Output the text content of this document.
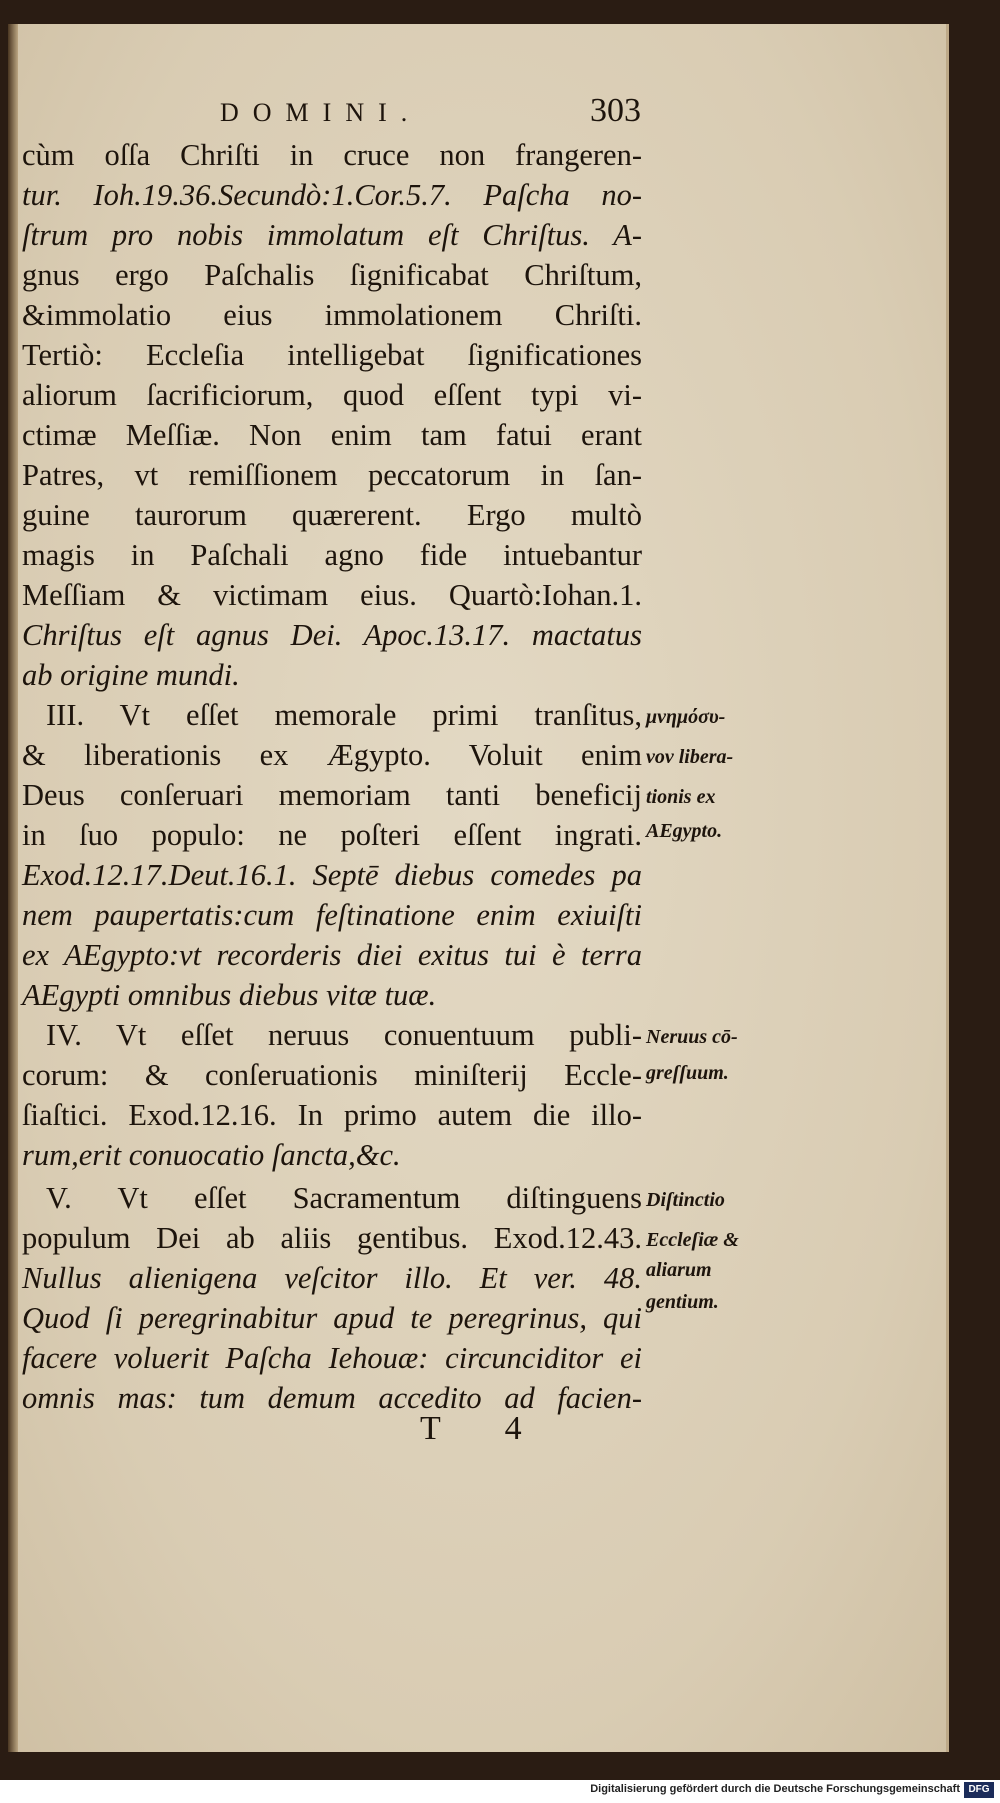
DOMINI.	303
cùm oſſa Chriſti in cruce non frangeren-
tur. Ioh.19.36.Secundò:1.Cor.5.7. Paſcha no-
ſtrum pro nobis immolatum eſt Chriſtus. A-
gnus ergo Paſchalis ſignificabat Chriſtum,
&immolatio eius immolationem Chriſti.
Tertiò: Eccleſia intelligebat ſignificationes
aliorum ſacrificiorum, quod eſſent typi vi-
ctimæ Meſſiæ. Non enim tam fatui erant
Patres, vt remiſſionem peccatorum in ſan-
guine taurorum quærerent. Ergo multò
magis in Paſchali agno fide intuebantur
Meſſiam & victimam eius. Quartò:Iohan.1.
Chriſtus eſt agnus Dei. Apoc.13.17. mactatus
ab origine mundi.
III. Vt eſſet memorale primi tranſitus,
& liberationis ex Ægypto. Voluit enim
Deus conſeruari memoriam tanti beneficij
in ſuo populo: ne poſteri eſſent ingrati.
Exod.12.17.Deut.16.1. Septē diebus comedes pa
nem paupertatis:cum feſtinatione enim exiuiſti
ex AEgypto:vt recorderis diei exitus tui è terra
AEgypti omnibus diebus vitæ tuæ.
IV. Vt eſſet neruus conuentuum publi-
corum: & conſeruationis miniſterij Eccle-
ſiaſtici. Exod.12.16. In primo autem die illo-
rum,erit conuocatio ſancta,&c.
V. Vt eſſet Sacramentum diſtinguens
populum Dei ab aliis gentibus. Exod.12.43.
Nullus alienigena veſcitor illo. Et ver. 48.
Quod ſi peregrinabitur apud te peregrinus, qui
facere voluerit Paſcha Iehouæ: circunciditor ei
omnis mas: tum demum accedito ad facien-
μνημόσυ-
νον libera-
tionis ex
AEgypto.
Neruus cō-
greſſuum.
Diſtinctio
Eccleſiæ &
aliarum
gentium.
T 4
Digitalisierung gefördert durch die Deutsche Forschungsgemeinschaft DFG
